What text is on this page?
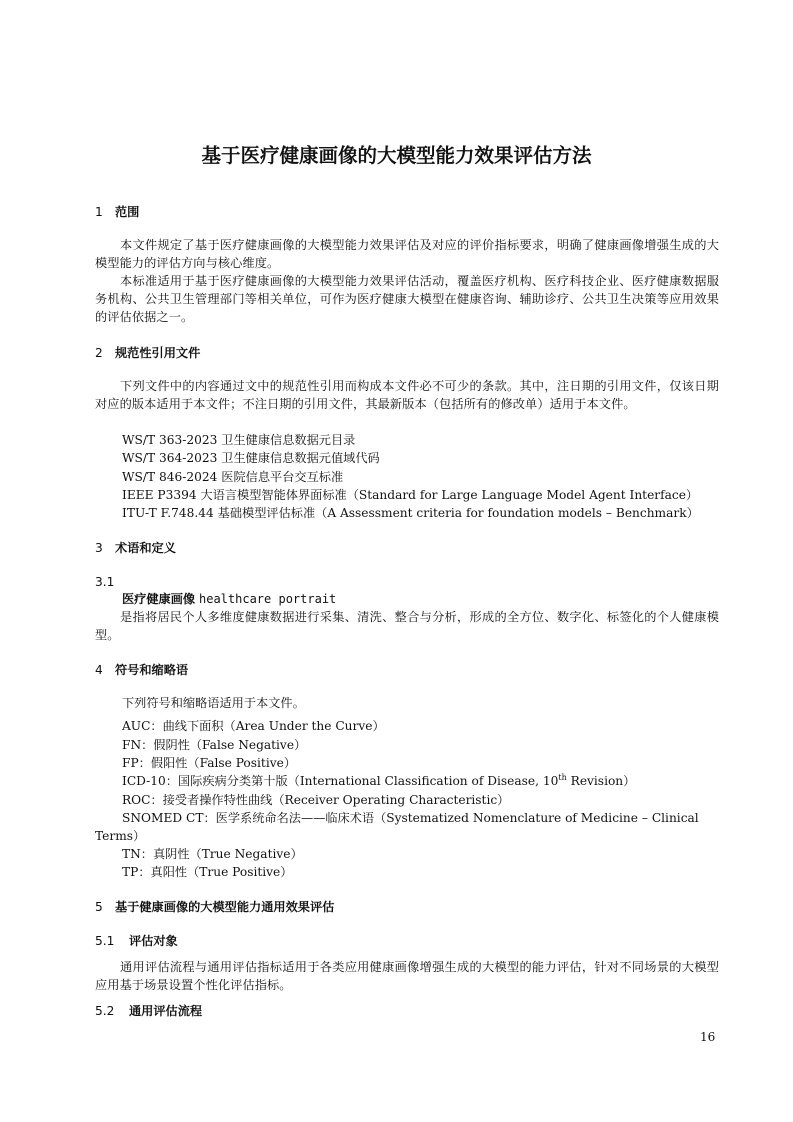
基于医疗健康画像的大模型能力效果评估方法
1 范围

本文件规定了基于医疗健康画像的大模型能力效果评估及对应的评价指标要求，明确了健康画像增强生成的大模型能力的评估方向与核心维度。

本标准适用于基于医疗健康画像的大模型能力效果评估活动，覆盖医疗机构、医疗科技企业、医疗健康数据服务机构、公共卫生管理部门等相关单位，可作为医疗健康大模型在健康咨询、辅助诊疗、公共卫生决策等应用效果的评估依据之一。

2 规范性引用文件

下列文件中的内容通过文中的规范性引用而构成本文件必不可少的条款。其中，注日期的引用文件，仅该日期对应的版本适用于本文件；不注日期的引用文件，其最新版本（包括所有的修改单）适用于本文件。

WS/T 363-2023 卫生健康信息数据元目录
WS/T 364-2023 卫生健康信息数据元值域代码
WS/T 846-2024 医院信息平台交互标准
IEEE P3394 大语言模型智能体界面标准（Standard for Large Language Model Agent Interface）
ITU-T F.748.44 基础模型评估标准（A Assessment criteria for foundation models – Benchmark）
3 术语和定义
3.1
医疗健康画像 healthcare portrait

是指将居民个人多维度健康数据进行采集、清洗、整合与分析，形成的全方位、数字化、标签化的个人健康模型。

4 符号和缩略语
下列符号和缩略语适用于本文件。
AUC：曲线下面积（Area Under the Curve）
FN：假阴性（False Negative）
FP：假阳性（False Positive）
ICD-10：国际疾病分类第十版（International Classification of Disease, 10th Revision）
ROC：接受者操作特性曲线（Receiver Operating Characteristic）
SNOMED CT：医学系统命名法——临床术语（Systematized Nomenclature of Medicine – Clinical Terms）
TN：真阴性（True Negative）
TP：真阳性（True Positive）
5 基于健康画像的大模型能力通用效果评估
5.1 评估对象

通用评估流程与通用评估指标适用于各类应用健康画像增强生成的大模型的能力评估，针对不同场景的大模型应用基于场景设置个性化评估指标。

5.2 通用评估流程
16
